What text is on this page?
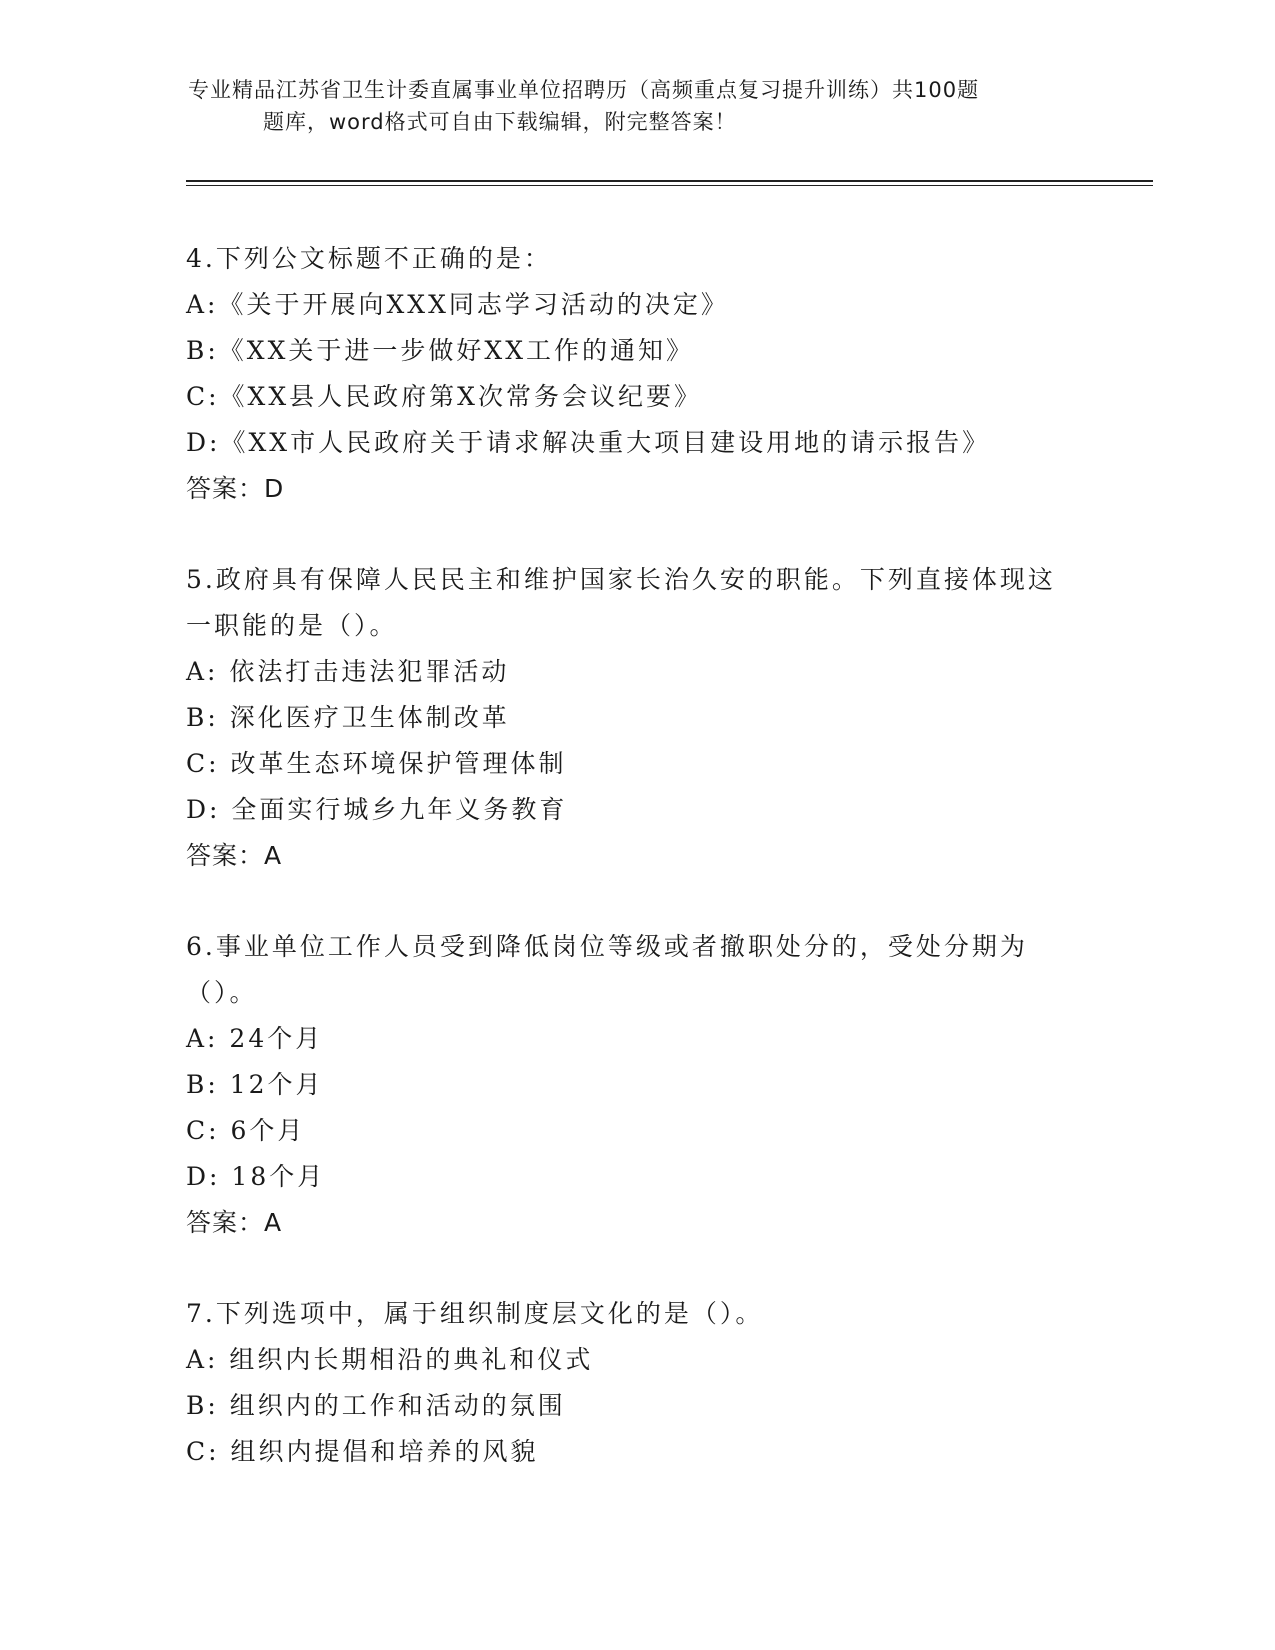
专业精品江苏省卫生计委直属事业单位招聘历（高频重点复习提升训练）共100题
题库，word格式可自由下载编辑，附完整答案！
4.下列公文标题不正确的是：
A:《关于开展向XXX同志学习活动的决定》
B:《XX关于进一步做好XX工作的通知》
C:《XX县人民政府第X次常务会议纪要》
D:《XX市人民政府关于请求解决重大项目建设用地的请示报告》
答案：D
5.政府具有保障人民民主和维护国家长治久安的职能。下列直接体现这一职能的是（）。
A: 依法打击违法犯罪活动
B: 深化医疗卫生体制改革
C: 改革生态环境保护管理体制
D: 全面实行城乡九年义务教育
答案：A
6.事业单位工作人员受到降低岗位等级或者撤职处分的，受处分期为（）。
A: 24个月
B: 12个月
C: 6个月
D: 18个月
答案：A
7.下列选项中，属于组织制度层文化的是（）。
A: 组织内长期相沿的典礼和仪式
B: 组织内的工作和活动的氛围
C: 组织内提倡和培养的风貌
